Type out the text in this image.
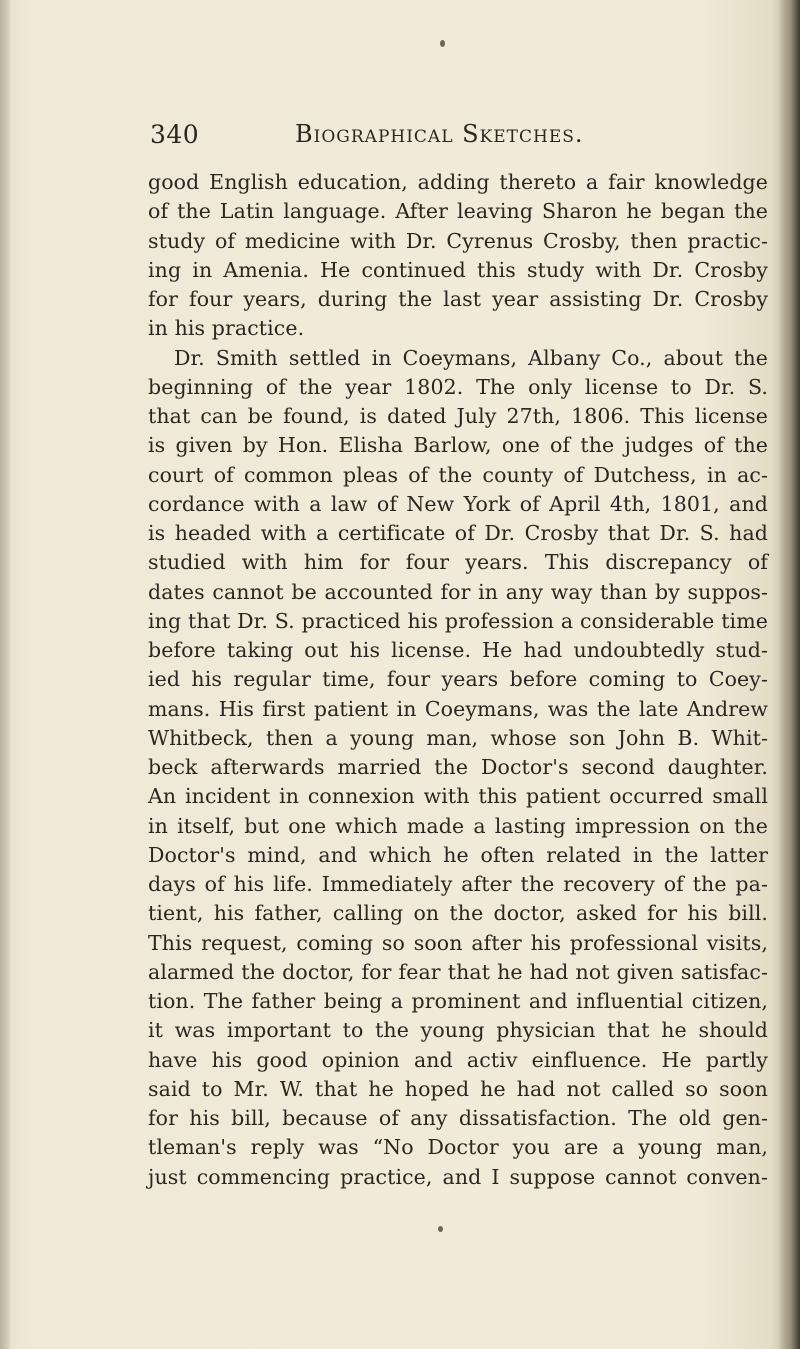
340	Biographical Sketches.
good English education, adding thereto a fair knowledge
of the Latin language. After leaving Sharon he began the
study of medicine with Dr. Cyrenus Crosby, then practic-
ing in Amenia. He continued this study with Dr. Crosby
for four years, during the last year assisting Dr. Crosby
in his practice.
Dr. Smith settled in Coeymans, Albany Co., about the
beginning of the year 1802. The only license to Dr. S.
that can be found, is dated July 27th, 1806. This license
is given by Hon. Elisha Barlow, one of the judges of the
court of common pleas of the county of Dutchess, in ac-
cordance with a law of New York of April 4th, 1801, and
is headed with a certificate of Dr. Crosby that Dr. S. had
studied with him for four years. This discrepancy of
dates cannot be accounted for in any way than by suppos-
ing that Dr. S. practiced his profession a considerable time
before taking out his license. He had undoubtedly stud-
ied his regular time, four years before coming to Coey-
mans. His first patient in Coeymans, was the late Andrew
Whitbeck, then a young man, whose son John B. Whit-
beck afterwards married the Doctor's second daughter.
An incident in connexion with this patient occurred small
in itself, but one which made a lasting impression on the
Doctor's mind, and which he often related in the latter
days of his life. Immediately after the recovery of the pa-
tient, his father, calling on the doctor, asked for his bill.
This request, coming so soon after his professional visits,
alarmed the doctor, for fear that he had not given satisfac-
tion. The father being a prominent and influential citizen,
it was important to the young physician that he should
have his good opinion and activ einfluence. He partly
said to Mr. W. that he hoped he had not called so soon
for his bill, because of any dissatisfaction. The old gen-
tleman's reply was “No Doctor you are a young man,
just commencing practice, and I suppose cannot conven-
